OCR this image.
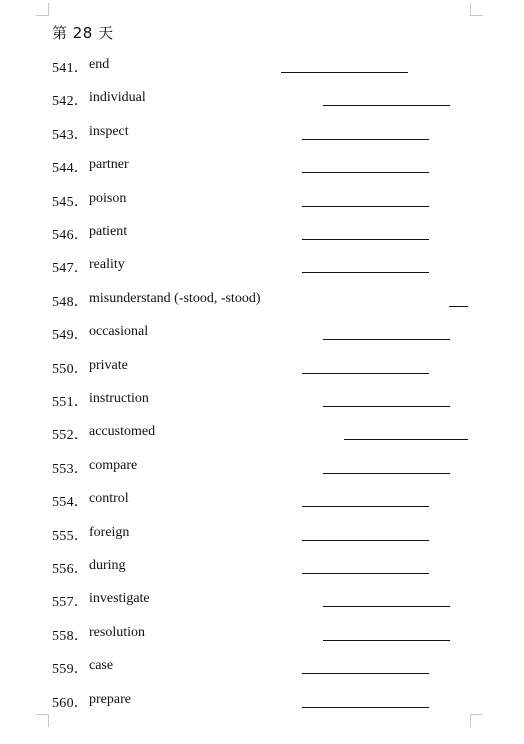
第 28 天
541． end
542． individual
543． inspect
544． partner
545． poison
546． patient
547． reality
548． misunderstand (-stood, -stood)
549． occasional
550． private
551． instruction
552． accustomed
553． compare
554． control
555． foreign
556． during
557． investigate
558． resolution
559． case
560． prepare
